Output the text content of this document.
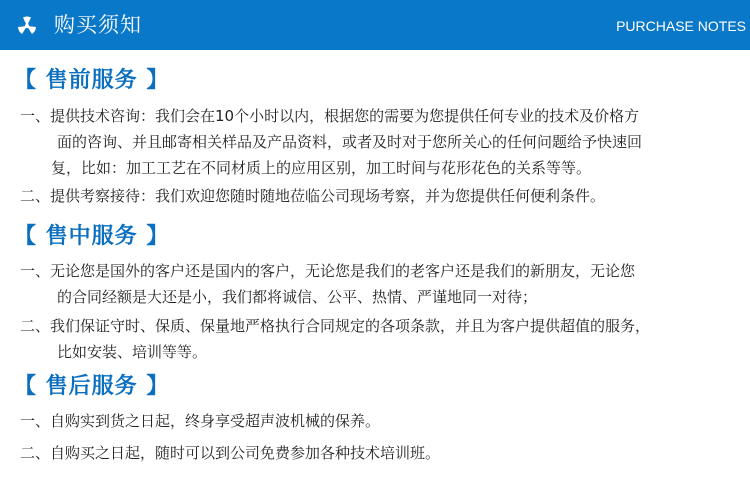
购买须知	PURCHASE NOTES
【 售前服务 】
一、提供技术咨询：我们会在10个小时以内，根据您的需要为您提供任何专业的技术及价格方
面的咨询、并且邮寄相关样品及产品资料，或者及时对于您所关心的任何问题给予快速回
复，比如：加工工艺在不同材质上的应用区别，加工时间与花形花色的关系等等。
二、提供考察接待：我们欢迎您随时随地莅临公司现场考察，并为您提供任何便利条件。
【 售中服务 】
一、无论您是国外的客户还是国内的客户，无论您是我们的老客户还是我们的新朋友，无论您
的合同经额是大还是小，我们都将诚信、公平、热情、严谨地同一对待；
二、我们保证守时、保质、保量地严格执行合同规定的各项条款，并且为客户提供超值的服务，
比如安装、培训等等。
【 售后服务 】
一、自购实到货之日起，终身享受超声波机械的保养。
二、自购买之日起，随时可以到公司免费参加各种技术培训班。
